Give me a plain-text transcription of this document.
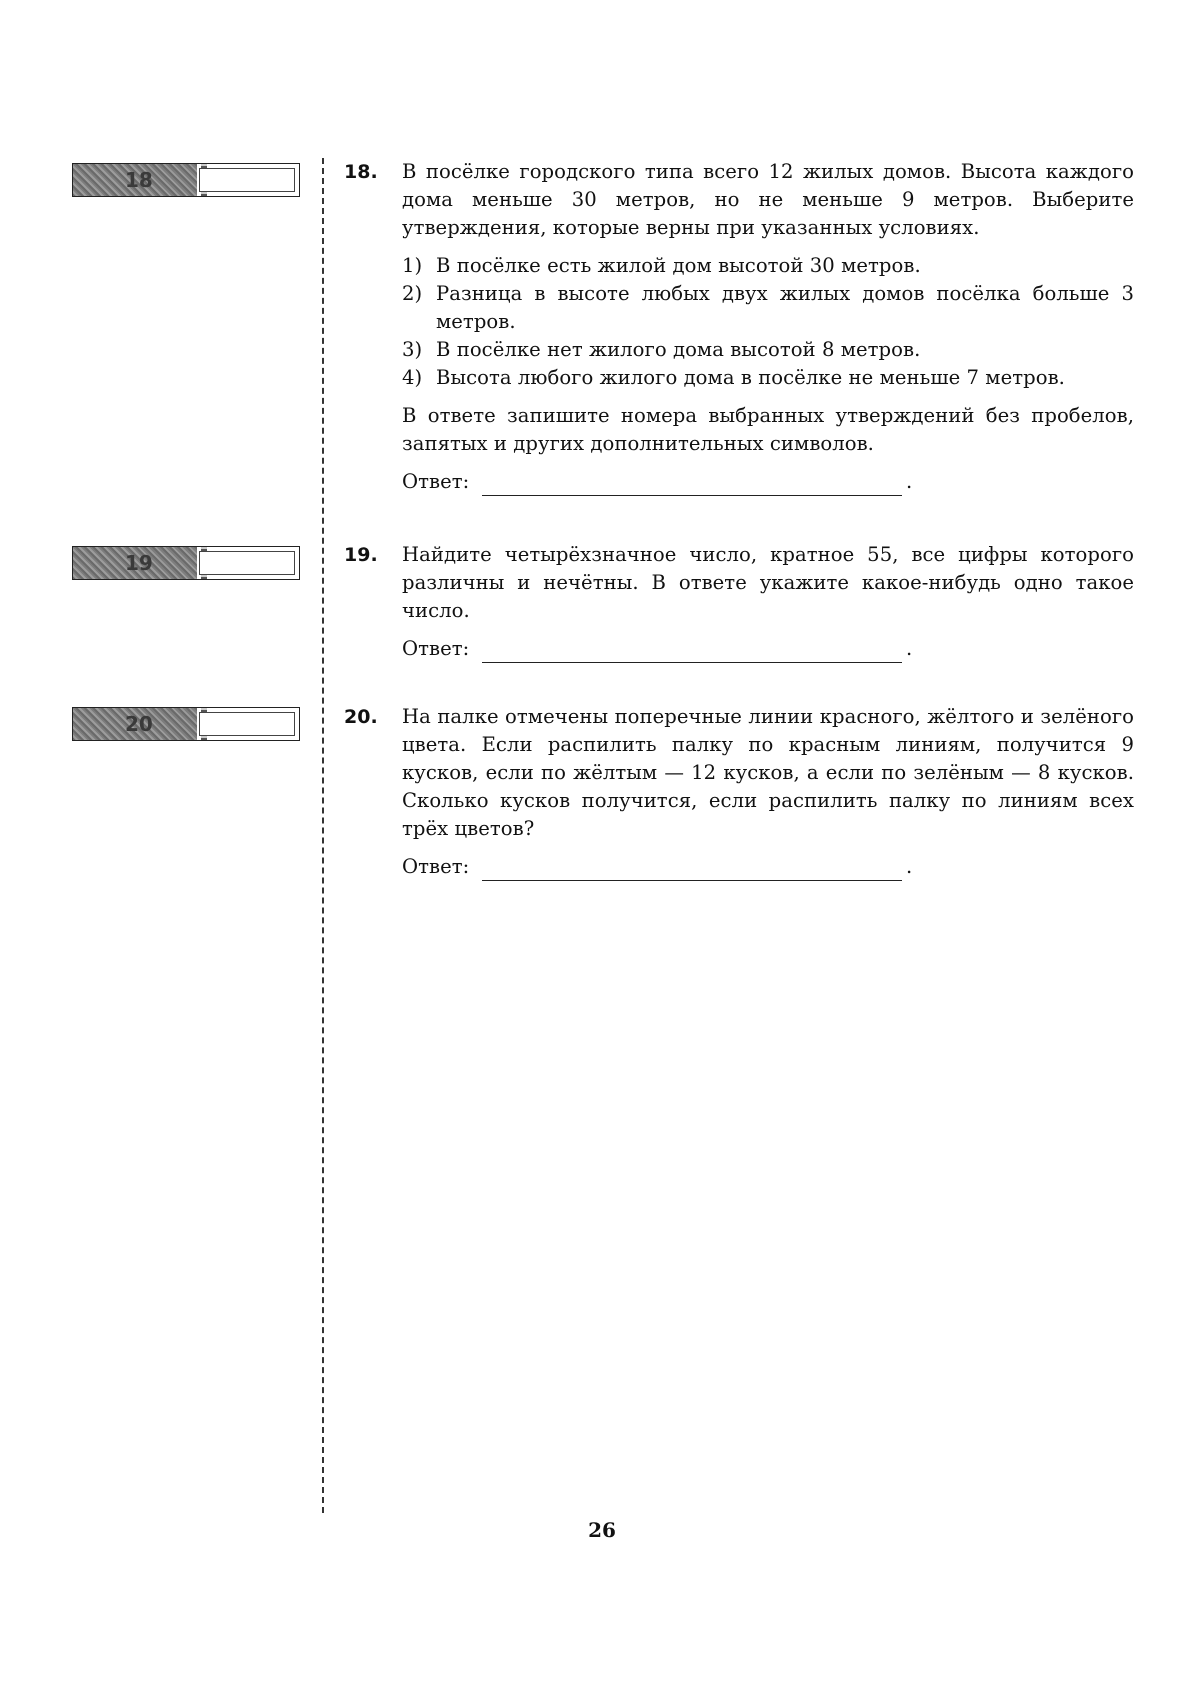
18
19
20
18. В посёлке городского типа всего 12 жилых домов. Высота каждого дома меньше 30 метров, но не меньше 9 метров. Выберите утверждения, которые верны при указанных условиях.

1) В посёлке есть жилой дом высотой 30 метров.
2) Разница в высоте любых двух жилых домов посёлка больше 3 метров.
3) В посёлке нет жилого дома высотой 8 метров.
4) Высота любого жилого дома в посёлке не меньше 7 метров.

В ответе запишите номера выбранных утверждений без пробелов, запятых и других дополнительных символов.

Ответ:	.
19. Найдите четырёхзначное число, кратное 55, все цифры которого различны и нечётны. В ответе укажите какое-нибудь одно такое число.

Ответ:	.
20. На палке отмечены поперечные линии красного, жёлтого и зелёного цвета. Если распилить палку по красным линиям, получится 9 кусков, если по жёлтым — 12 кусков, а если по зелёным — 8 кусков. Сколько кусков получится, если распилить палку по линиям всех трёх цветов?

Ответ:	.
26
